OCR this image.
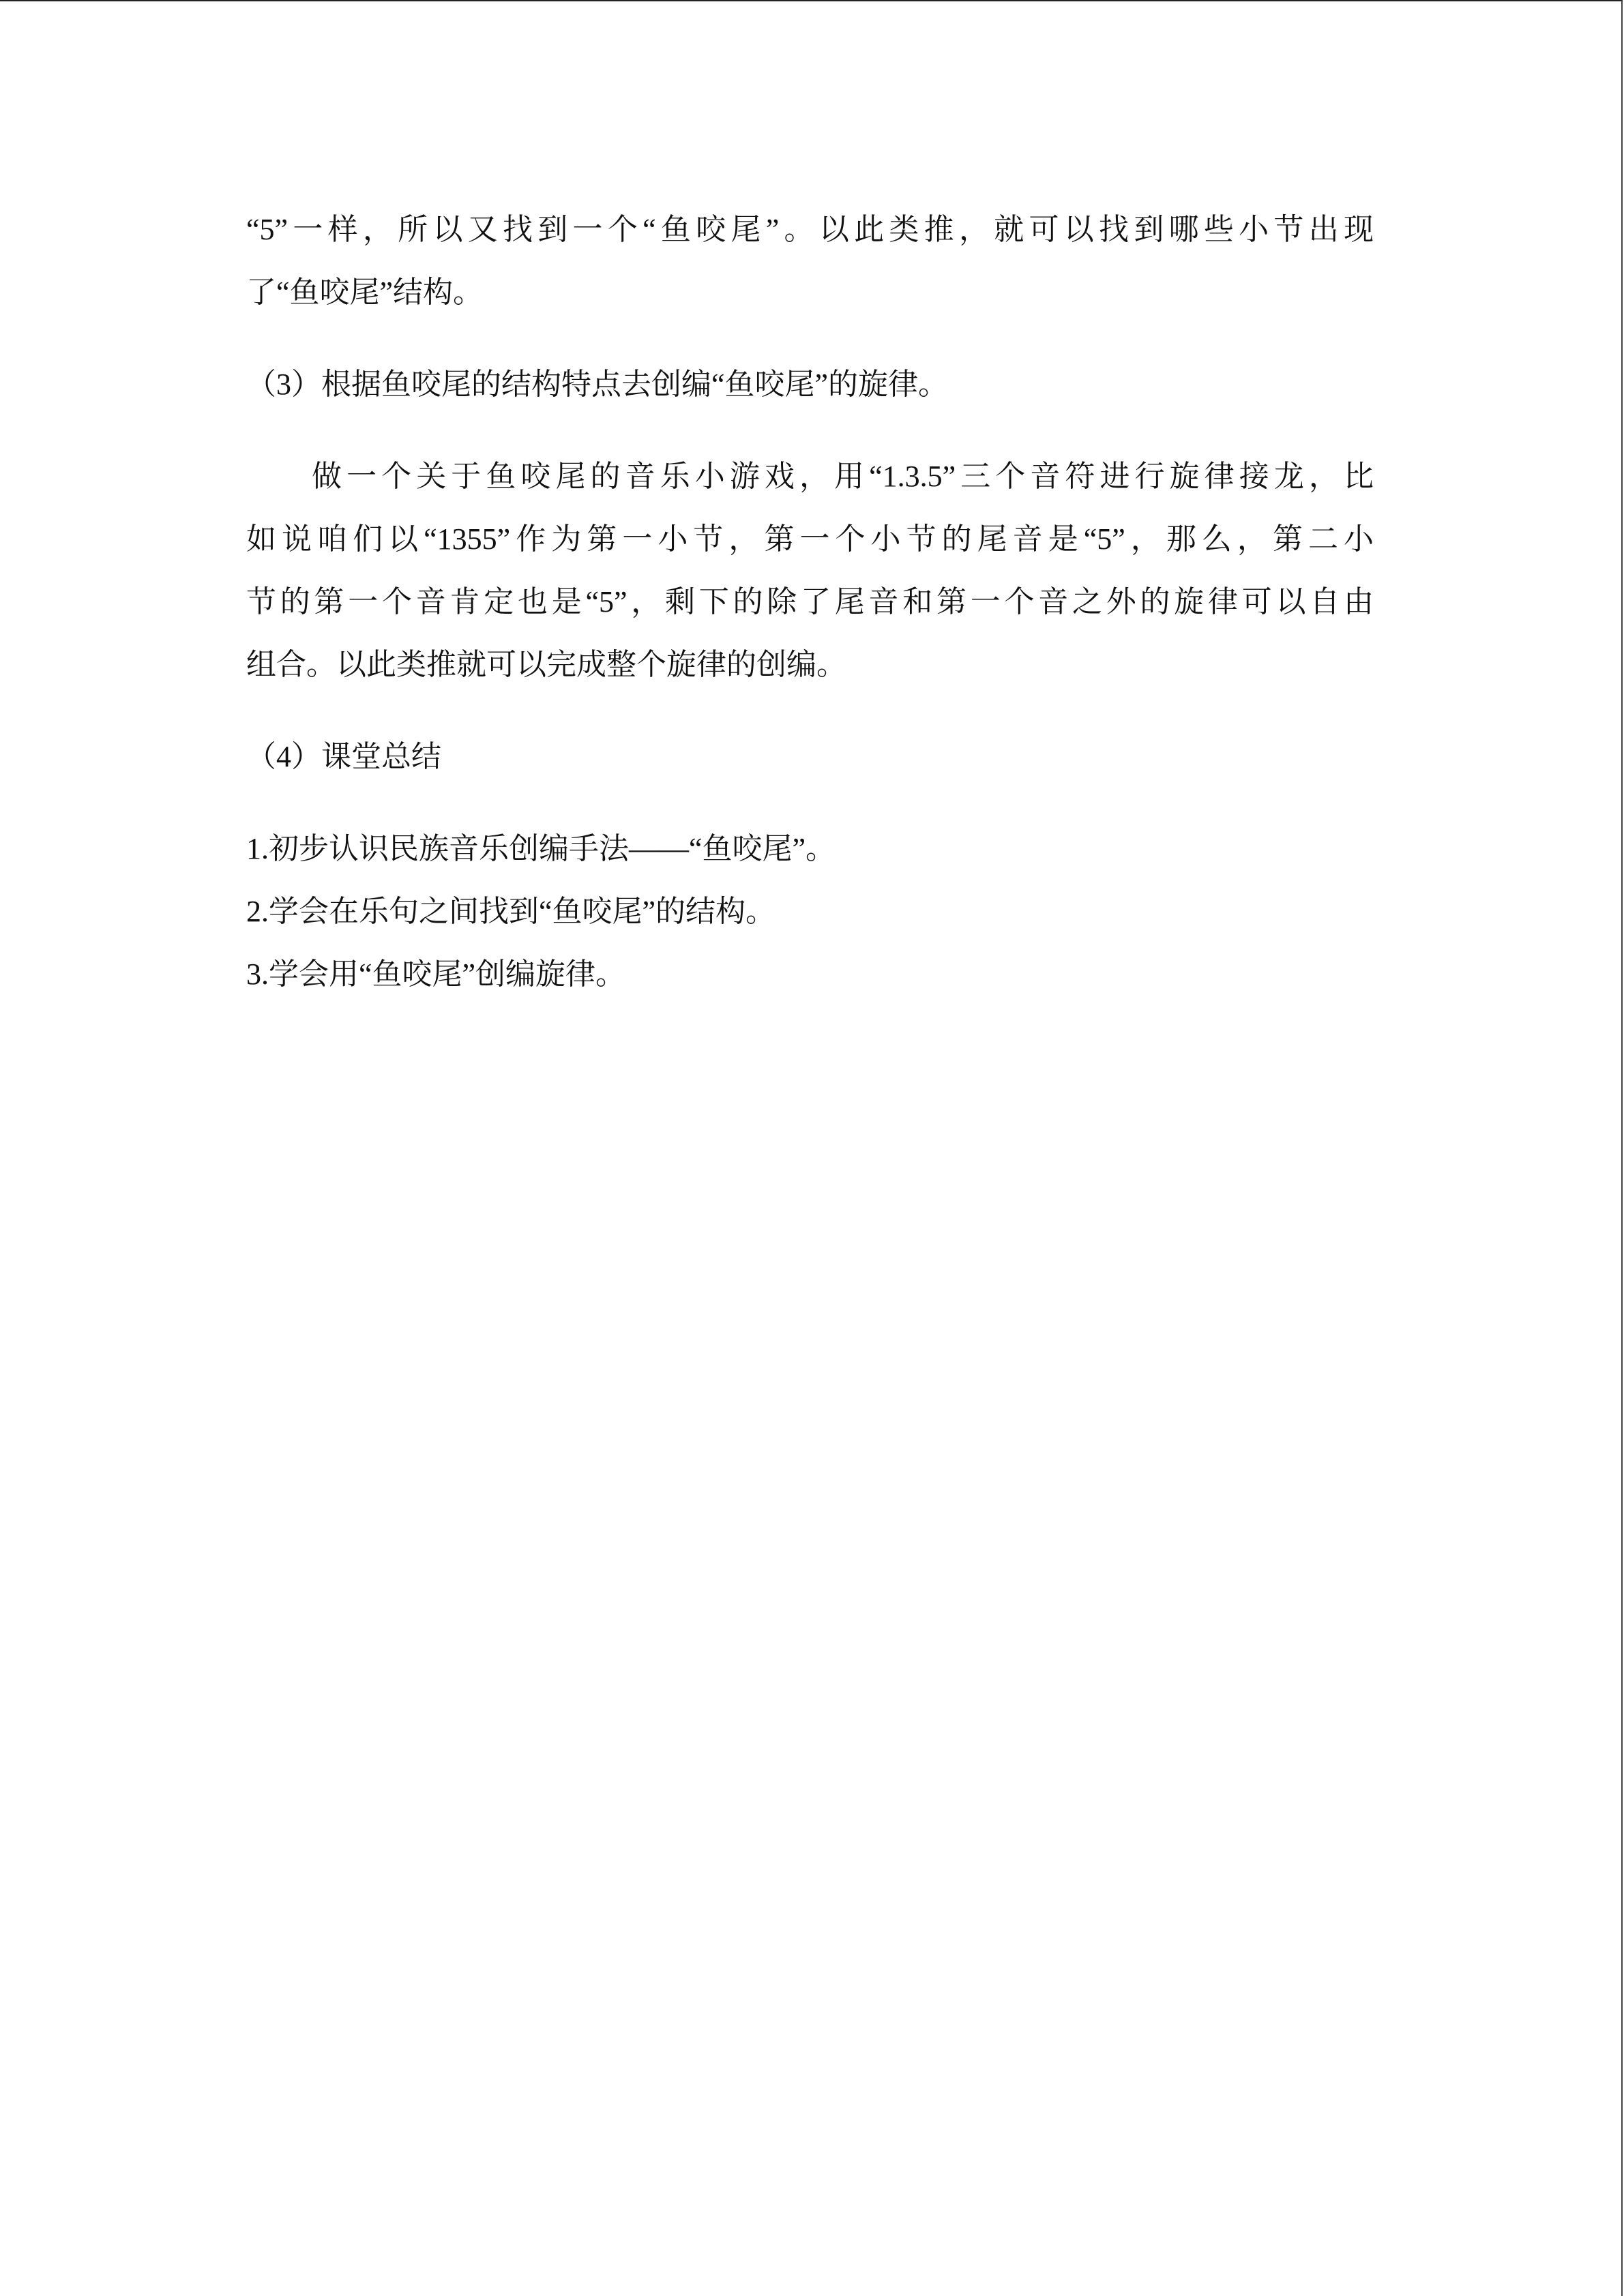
“5”一样，所以又找到一个“鱼咬尾”。以此类推，就可以找到哪些小节出现
了“鱼咬尾”结构。
（3）根据鱼咬尾的结构特点去创编“鱼咬尾”的旋律。
做一个关于鱼咬尾的音乐小游戏，用“1.3.5”三个音符进行旋律接龙，比
如说咱们以“1355”作为第一小节，第一个小节的尾音是“5”，那么，第二小
节的第一个音肯定也是“5”，剩下的除了尾音和第一个音之外的旋律可以自由
组合。以此类推就可以完成整个旋律的创编。
（4）课堂总结
1.初步认识民族音乐创编手法——“鱼咬尾”。
2.学会在乐句之间找到“鱼咬尾”的结构。
3.学会用“鱼咬尾”创编旋律。
